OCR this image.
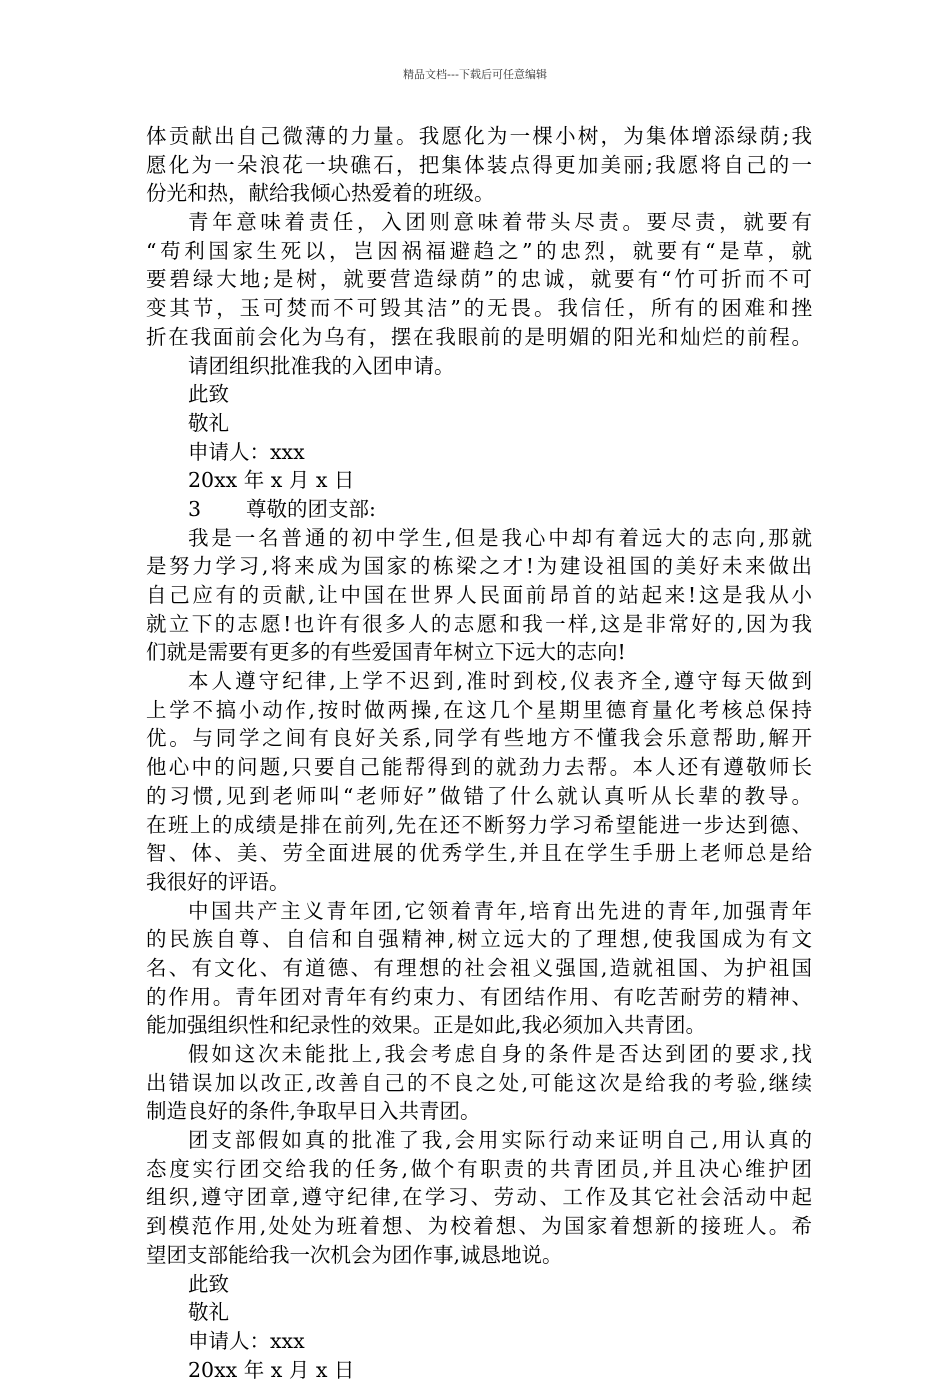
精品文档---下载后可任意编辑
体贡献出自己微薄的力量。我愿化为一棵小树，为集体增添绿荫;我
愿化为一朵浪花一块礁石，把集体装点得更加美丽;我愿将自己的一
份光和热，献给我倾心热爱着的班级。
青年意味着责任，入团则意味着带头尽责。要尽责，就要有
“苟利国家生死以，岂因祸福避趋之”的忠烈，就要有“是草，就
要碧绿大地;是树，就要营造绿荫”的忠诚，就要有“竹可折而不可
变其节，玉可焚而不可毁其洁”的无畏。我信任，所有的困难和挫
折在我面前会化为乌有，摆在我眼前的是明媚的阳光和灿烂的前程。
请团组织批准我的入团申请。
此致
敬礼
申请人：xxx
20xx 年 x 月 x 日
3 尊敬的团支部:
我是一名普通的初中学生,但是我心中却有着远大的志向,那就
是努力学习,将来成为国家的栋梁之才!为建设祖国的美好未来做出
自己应有的贡献,让中国在世界人民面前昂首的站起来!这是我从小
就立下的志愿!也许有很多人的志愿和我一样,这是非常好的,因为我
们就是需要有更多的有些爱国青年树立下远大的志向!
本人遵守纪律,上学不迟到,准时到校,仪表齐全,遵守每天做到
上学不搞小动作,按时做两操,在这几个星期里德育量化考核总保持
优。与同学之间有良好关系,同学有些地方不懂我会乐意帮助,解开
他心中的问题,只要自己能帮得到的就劲力去帮。本人还有遵敬师长
的习惯,见到老师叫“老师好”做错了什么就认真听从长辈的教导。
在班上的成绩是排在前列,先在还不断努力学习希望能进一步达到德、
智、体、美、劳全面进展的优秀学生,并且在学生手册上老师总是给
我很好的评语。
中国共产主义青年团,它领着青年,培育出先进的青年,加强青年
的民族自尊、自信和自强精神,树立远大的了理想,使我国成为有文
名、有文化、有道德、有理想的社会祖义强国,造就祖国、为护祖国
的作用。青年团对青年有约束力、有团结作用、有吃苦耐劳的精神、
能加强组织性和纪录性的效果。正是如此,我必须加入共青团。
假如这次未能批上,我会考虑自身的条件是否达到团的要求,找
出错误加以改正,改善自己的不良之处,可能这次是给我的考验,继续
制造良好的条件,争取早日入共青团。
团支部假如真的批准了我,会用实际行动来证明自己,用认真的
态度实行团交给我的任务,做个有职责的共青团员,并且决心维护团
组织,遵守团章,遵守纪律,在学习、劳动、工作及其它社会活动中起
到模范作用,处处为班着想、为校着想、为国家着想新的接班人。希
望团支部能给我一次机会为团作事,诚恳地说。
此致
敬礼
申请人：xxx
20xx 年 x 月 x 日
